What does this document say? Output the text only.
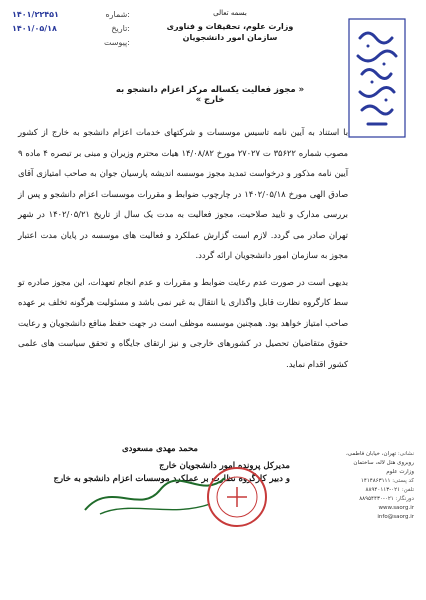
۱۴۰۱/۲۲۴۵۱	شماره:
۱۴۰۱/۰۵/۱۸	تاریخ:
پیوست:
بسمه تعالی
وزارت علوم، تحقیقات و فناوری
سازمان امور دانشجویان
« مجوز فعالیت یکساله مرکز اعزام دانشجو به خارج »

با استناد به آیین نامه تاسیس موسسات و شرکتهای خدمات اعزام دانشجو به خارج از کشور مصوب شماره ۳۵۶۲۲ ت ۲۷۰۲۷ مورخ ۱۴/۰۸/۸۲ هیات محترم وزیران و مبنی بر تبصره ۴ ماده ۹ آیین نامه مذکور و درخواست تمدید مجوز موسسه اندیشه پارسیان جوان به صاحب امتیازی آقای صادق الهی مورخ ۱۴۰۲/۰۵/۱۸ در چارچوب ضوابط و مقررات موسسات اعزام دانشجو و پس از بررسی مدارک و تایید صلاحیت، مجوز فعالیت به مدت یک سال از تاریخ ۱۴۰۲/۰۵/۲۱ در شهر تهران صادر می گردد. لازم است گزارش عملکرد و فعالیت های موسسه در پایان مدت اعتبار مجوز به سازمان امور دانشجویان ارائه گردد.

بدیهی است در صورت عدم رعایت ضوابط و مقررات و عدم انجام تعهدات، این مجوز صادره تو سط کارگروه نظارت قابل واگذاری یا انتقال به غیر نمی باشد و مسئولیت هرگونه تخلف بر عهده صاحب امتیاز خواهد بود. همچنین موسسه موظف است در جهت حفظ منافع دانشجویان و رعایت حقوق متقاضیان تحصیل در کشورهای خارجی و نیز ارتقای جایگاه و تحقق سیاست های علمی کشور اقدام نماید.

محمد مهدی مسعودی
مدیرکل پرونده امور دانشجویان خارج
و دبیر کارگروه نظارت بر عملکرد موسسات اعزام دانشجو به خارج
نشانی: تهران، خیابان فاطمی، روبروی هتل لاله، ساختمان وزارت علوم
کد پستی: ۱۴۱۴۸۶۳۱۱۱
تلفن: ۰۲۱-۸۸۹۴۰۱۱۳
دورنگار: ۰۲۱-۸۸۹۵۴۴۳۰
www.saorg.ir
info@saorg.ir
